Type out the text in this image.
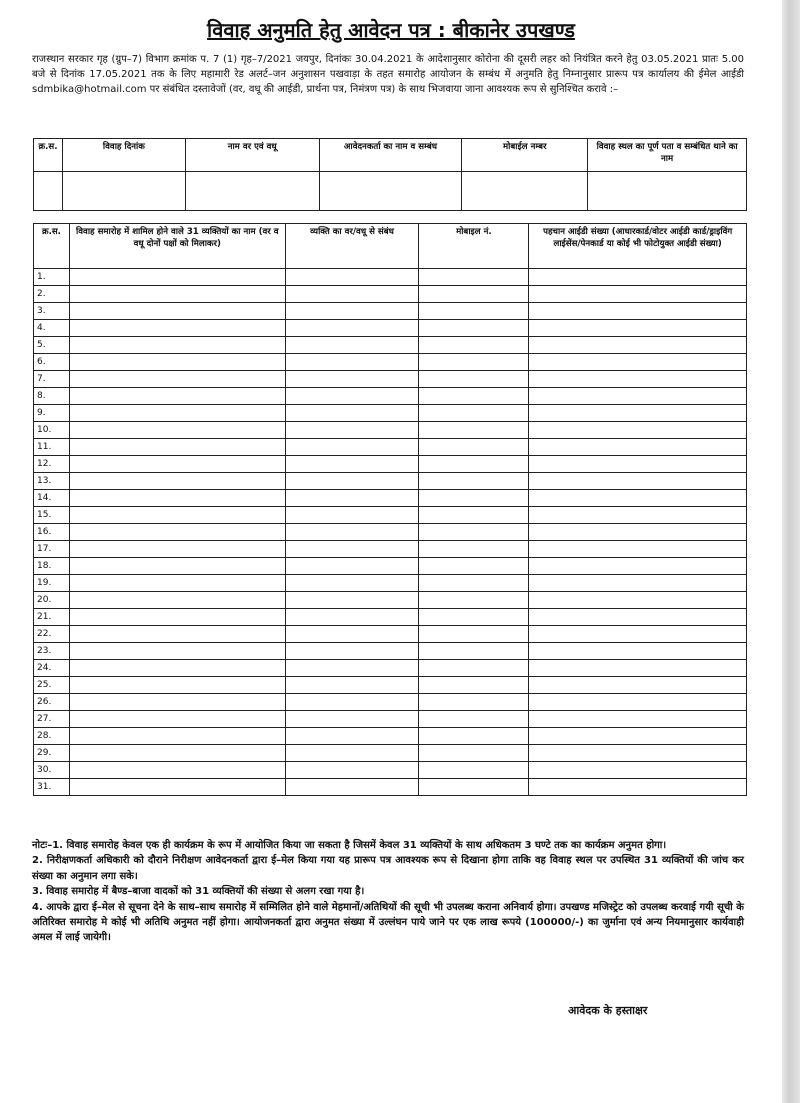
विवाह अनुमति हेतु आवेदन पत्र : बीकानेर उपखण्ड
राजस्थान सरकार गृह (ग्रुप–7) विभाग क्रमांक प. 7 (1) गृह–7/2021 जयपुर, दिनांकः 30.04.2021 के आदेशानुसार कोरोना की दूसरी लहर को नियंत्रित करने हेतु 03.05.2021 प्रातः 5.00 बजे से दिनांक 17.05.2021 तक के लिए महामारी रेड अलर्ट–जन अनुशासन पखवाड़ा के तहत समारोह आयोजन के सम्बंध में अनुमति हेतु निम्नानुसार प्रारूप पत्र कार्यालय की ईमेल आईडी sdmbika@hotmail.com पर संबंधित दस्तावेजों (वर, वधू की आईडी, प्रार्थना पत्र, निमंत्रण पत्र) के साथ भिजवाया जाना आवश्यक रूप से सुनिश्चित करावे :–
क्र.स.	विवाह दिनांक	नाम वर एवं वधू	आवेदनकर्ता का नाम व सम्बंध	मोबाईल नम्बर	विवाह स्थल का पूर्ण पता व सम्बंधित थाने का नाम

क्र.स.	विवाह समारोह में शामिल होने वाले 31 व्यक्तियों का नाम (वर व वधू दोनों पक्षों को मिलाकर)	व्यक्ति का वर/वधू से संबंध	मोबाइल नं.	पहचान आईडी संख्या (आधारकार्ड/वोटर आईडी कार्ड/ड्राइविंग लाईसेंस/पेनकार्ड या कोई भी फोटोयुक्त आईडी संख्या)
1.				
2.				
3.				
4.				
5.				
6.				
7.				
8.				
9.				
10.				
11.				
12.				
13.				
14.				
15.				
16.				
17.				
18.				
19.				
20.				
21.				
22.				
23.				
24.				
25.				
26.				
27.				
28.				
29.				
30.				
31.				
नोटः–1. विवाह समारोह केवल एक ही कार्यक्रम के रूप में आयोजित किया जा सकता है जिसमें केवल 31 व्यक्तियों के साथ अधिकतम 3 घण्टे तक का कार्यक्रम अनुमत होगा।
2. निरीक्षणकर्ता अधिकारी को दौराने निरीक्षण आवेदनकर्ता द्वारा ई–मेल किया गया यह प्रारूप पत्र आवश्यक रूप से दिखाना होगा ताकि वह विवाह स्थल पर उपस्थित 31 व्यक्तियों की जांच कर संख्या का अनुमान लगा सके।
3. विवाह समारोह में बैण्ड–बाजा वादकों को 31 व्यक्तियों की संख्या से अलग रखा गया है।
4. आपके द्वारा ई–मेल से सूचना देने के साथ–साथ समारोह में सम्मिलित होने वाले मेहमानों/अतिथियों की सूची भी उपलब्ध कराना अनिवार्य होगा। उपखण्ड मजिस्ट्रेट को उपलब्ध करवाई गयी सूची के अतिरिक्त समारोह मे कोई भी अतिथि अनुमत नहीं होगा। आयोजनकर्ता द्वारा अनुमत संख्या में उल्लंघन पाये जाने पर एक लाख रूपये (100000/-) का जुर्माना एवं अन्य नियमानुसार कार्यवाही अमल में लाई जायेगी।
आवेदक के हस्ताक्षर
